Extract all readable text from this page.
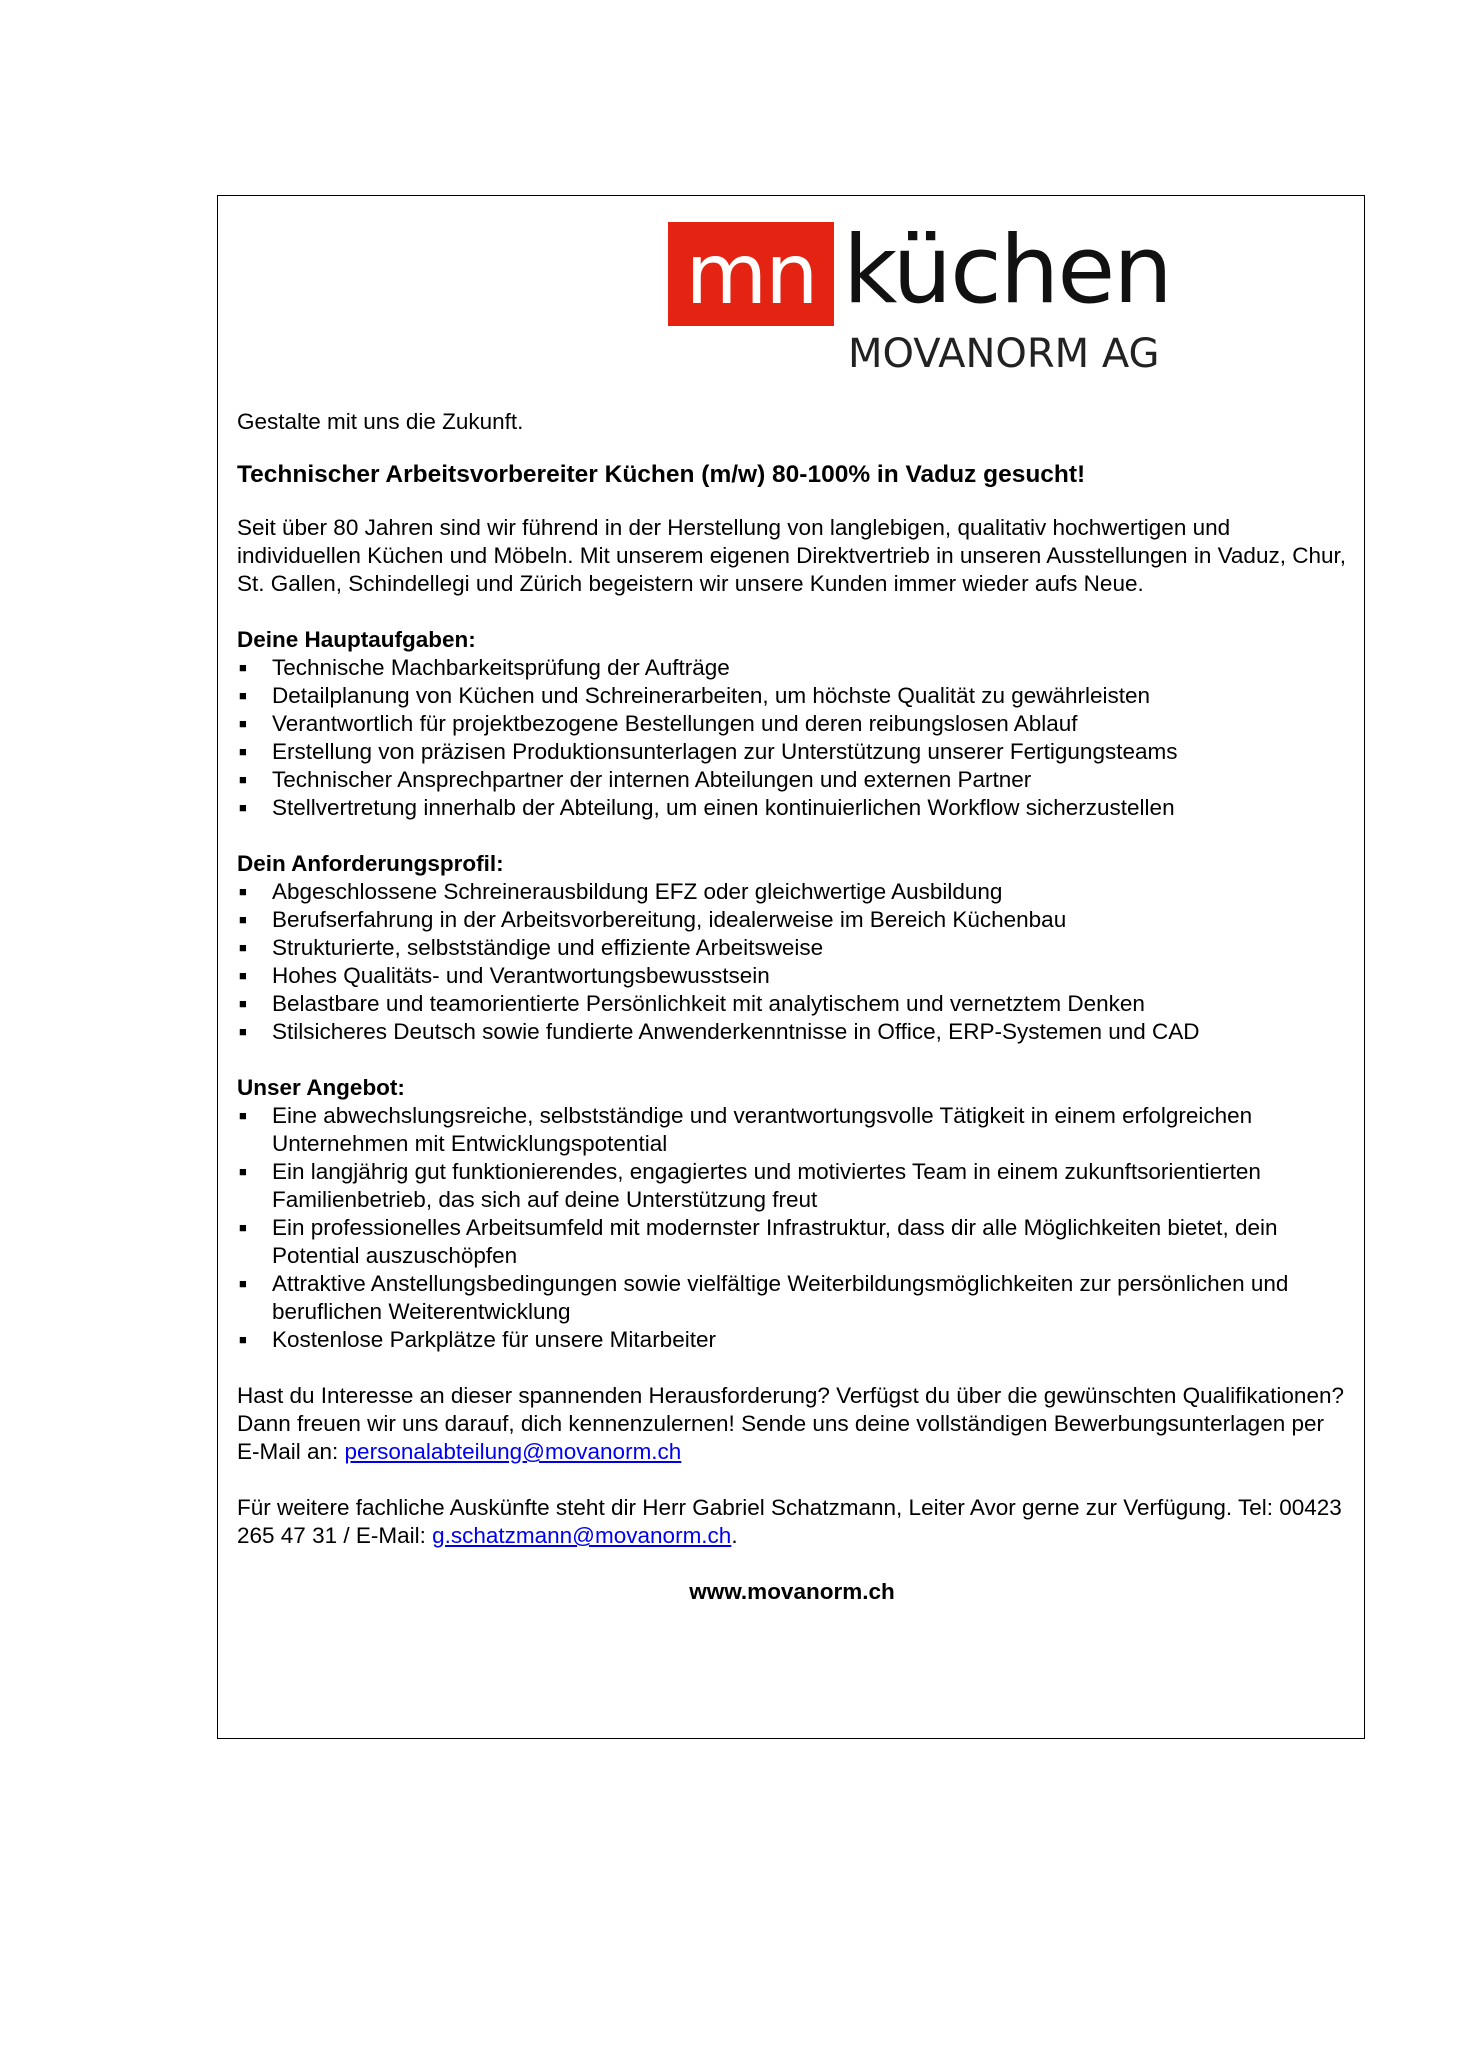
mn küchen
MOVANORM AG

Gestalte mit uns die Zukunft.

Technischer Arbeitsvorbereiter Küchen (m/w) 80-100% in Vaduz gesucht!

Seit über 80 Jahren sind wir führend in der Herstellung von langlebigen, qualitativ hochwertigen und individuellen Küchen und Möbeln. Mit unserem eigenen Direktvertrieb in unseren Ausstellungen in Vaduz, Chur, St. Gallen, Schindellegi und Zürich begeistern wir unsere Kunden immer wieder aufs Neue.

Deine Hauptaufgaben:

■ Technische Machbarkeitsprüfung der Aufträge
■ Detailplanung von Küchen und Schreinerarbeiten, um höchste Qualität zu gewährleisten
■ Verantwortlich für projektbezogene Bestellungen und deren reibungslosen Ablauf
■ Erstellung von präzisen Produktionsunterlagen zur Unterstützung unserer Fertigungsteams
■ Technischer Ansprechpartner der internen Abteilungen und externen Partner
■ Stellvertretung innerhalb der Abteilung, um einen kontinuierlichen Workflow sicherzustellen

Dein Anforderungsprofil:

■ Abgeschlossene Schreinerausbildung EFZ oder gleichwertige Ausbildung
■ Berufserfahrung in der Arbeitsvorbereitung, idealerweise im Bereich Küchenbau
■ Strukturierte, selbstständige und effiziente Arbeitsweise
■ Hohes Qualitäts- und Verantwortungsbewusstsein
■ Belastbare und teamorientierte Persönlichkeit mit analytischem und vernetztem Denken
■ Stilsicheres Deutsch sowie fundierte Anwenderkenntnisse in Office, ERP-Systemen und CAD

Unser Angebot:

■ Eine abwechslungsreiche, selbstständige und verantwortungsvolle Tätigkeit in einem erfolgreichen Unternehmen mit Entwicklungspotential
■ Ein langjährig gut funktionierendes, engagiertes und motiviertes Team in einem zukunftsorientierten Familienbetrieb, das sich auf deine Unterstützung freut
■ Ein professionelles Arbeitsumfeld mit modernster Infrastruktur, dass dir alle Möglichkeiten bietet, dein Potential auszuschöpfen
■ Attraktive Anstellungsbedingungen sowie vielfältige Weiterbildungsmöglichkeiten zur persönlichen und beruflichen Weiterentwicklung
■ Kostenlose Parkplätze für unsere Mitarbeiter

Hast du Interesse an dieser spannenden Herausforderung? Verfügst du über die gewünschten Qualifikationen? Dann freuen wir uns darauf, dich kennenzulernen! Sende uns deine vollständigen Bewerbungsunterlagen per E-Mail an: personalabteilung@movanorm.ch

Für weitere fachliche Auskünfte steht dir Herr Gabriel Schatzmann, Leiter Avor gerne zur Verfügung. Tel: 00423 265 47 31 / E-Mail: g.schatzmann@movanorm.ch.

www.movanorm.ch
